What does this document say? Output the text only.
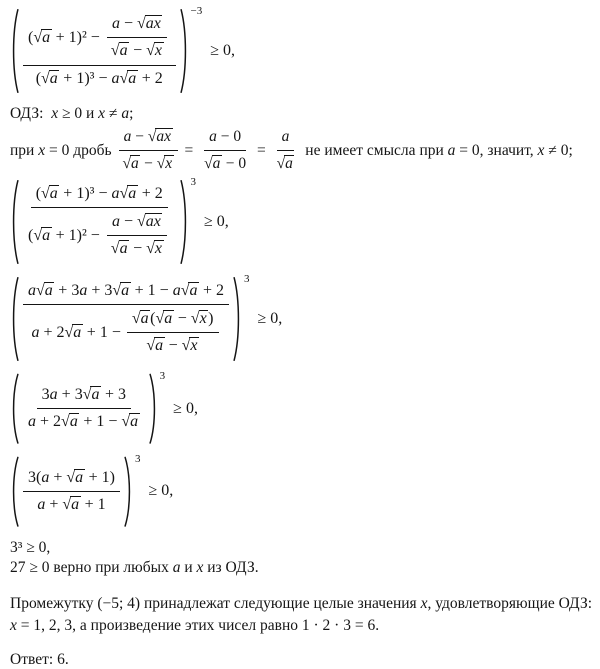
$\frac{( √ a + 1)^2 - \frac{a - √ ax}{√ a - √ x}}{\text{( √ a + 1)³ − a √ a + 2}}$
−3
≥ 0,
ОДЗ: x ≥ 0 и x ≠ a;
при x = 0 дробь $\frac{a - √ ax}{√ a - √ x} = \frac{a - 0}{√ a - 0} = \frac{a}{√ a}$ не имеет смысла при a = 0, значит, x ≠ 0;
$\frac{\text{( √ a + 1)³ − a √ a + 2}}{( √ a + 1)^2 - \frac{a - √ ax}{√ a - √ x}}$
3
≥ 0,
$\frac{a √ a + 3a + 3 √ a + 1 - a √ a + 2}{a + 2 √ a + 1 - \frac{√ a ( √ a - √ x )}{√ a - √ x}}$
3
≥ 0,
$\frac{3a + 3 √ a + 3}{a + 2 √ a + 1 - √ a}$
3
≥ 0,
$\frac{3(a + √ a + 1)}{a + √ a + 1}$
3
≥ 0,
3³ ≥ 0,
27 ≥ 0 верно при любых a и x из ОДЗ.
Промежутку (−5; 4) принадлежат следующие целые значения x, удовлетворяющие ОДЗ:
x = 1, 2, 3, а произведение этих чисел равно 1 · 2 · 3 = 6.
Ответ: 6.
